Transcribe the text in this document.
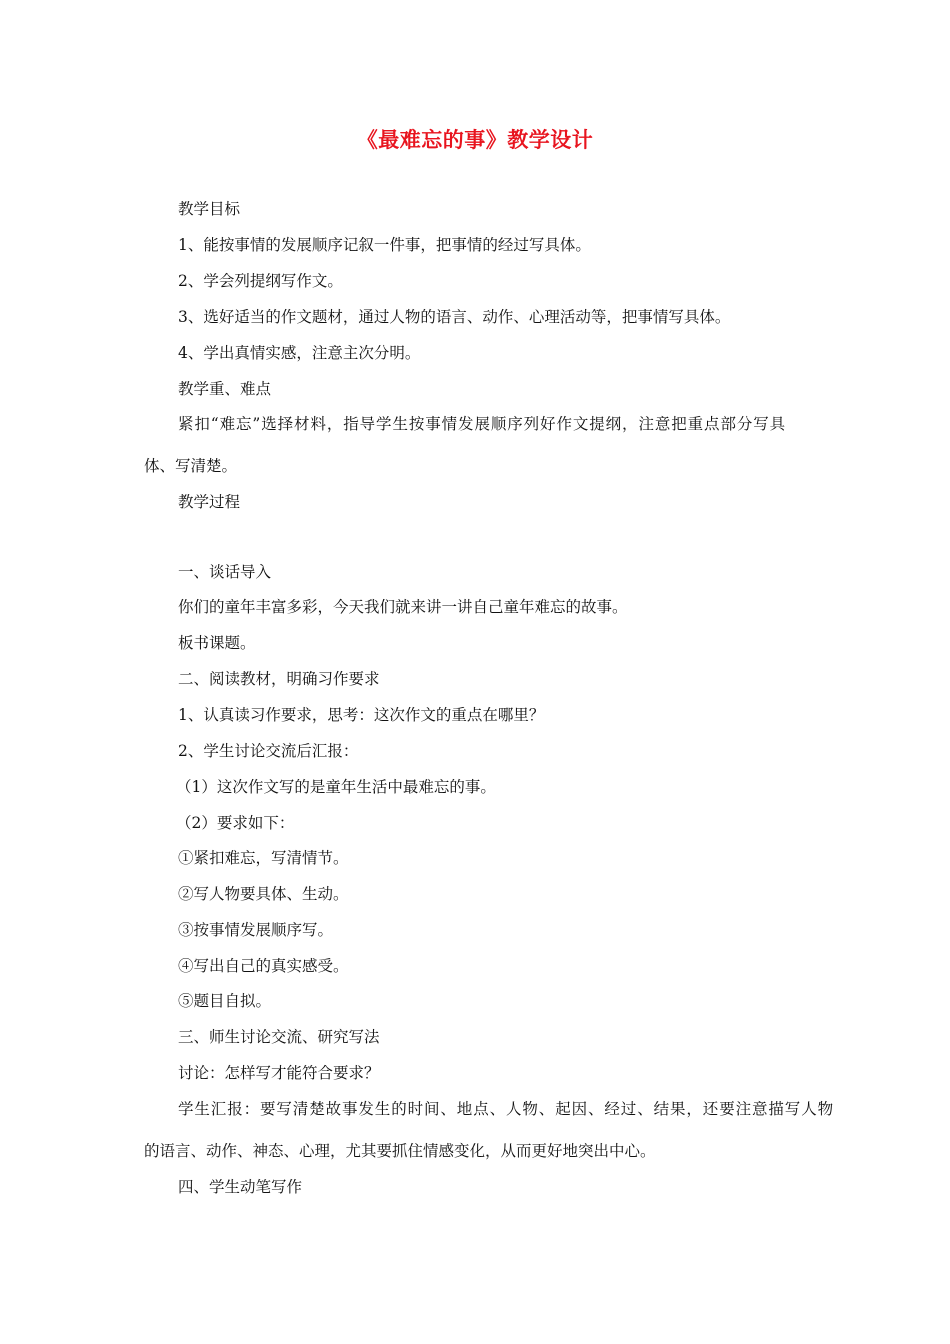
《最难忘的事》教学设计
教学目标
1、能按事情的发展顺序记叙一件事，把事情的经过写具体。
2、学会列提纲写作文。
3、选好适当的作文题材，通过人物的语言、动作、心理活动等，把事情写具体。
4、学出真情实感，注意主次分明。
教学重、难点
紧扣“难忘”选择材料，指导学生按事情发展顺序列好作文提纲，注意把重点部分写具
体、写清楚。
教学过程
一、谈话导入
你们的童年丰富多彩，今天我们就来讲一讲自己童年难忘的故事。
板书课题。
二、阅读教材，明确习作要求
1、认真读习作要求，思考：这次作文的重点在哪里？
2、学生讨论交流后汇报：
（1）这次作文写的是童年生活中最难忘的事。
（2）要求如下：
①紧扣难忘，写清情节。
②写人物要具体、生动。
③按事情发展顺序写。
④写出自己的真实感受。
⑤题目自拟。
三、师生讨论交流、研究写法
讨论：怎样写才能符合要求？
学生汇报：要写清楚故事发生的时间、地点、人物、起因、经过、结果，还要注意描写人物
的语言、动作、神态、心理，尤其要抓住情感变化，从而更好地突出中心。
四、学生动笔写作
